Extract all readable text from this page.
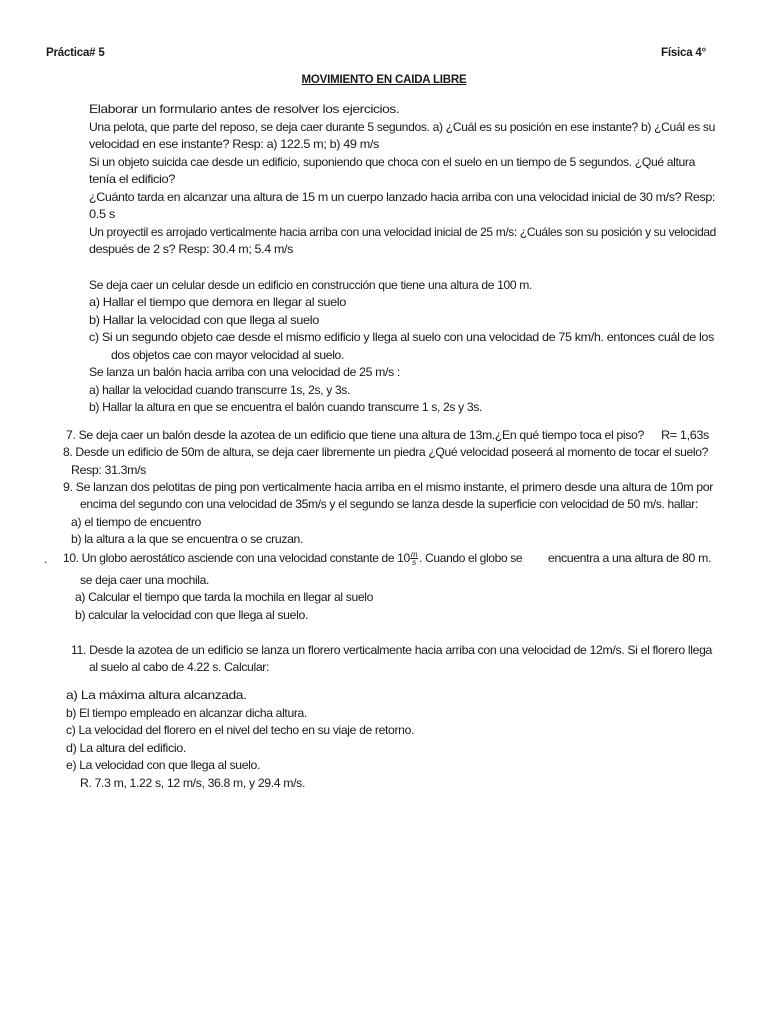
Práctica# 5	Física 4°
MOVIMIENTO EN CAIDA LIBRE
Elaborar un formulario antes de resolver los ejercicios.
Una pelota, que parte del reposo, se deja caer durante 5 segundos. a) ¿Cuál es su posición en ese instante? b) ¿Cuál es su
velocidad en ese instante? Resp: a) 122.5 m; b) 49 m/s
Si un objeto suicida cae desde un edificio, suponiendo que choca con el suelo en un tiempo de 5 segundos. ¿Qué altura
tenía el edificio?
¿Cuánto tarda en alcanzar una altura de 15 m un cuerpo lanzado hacia arriba con una velocidad inicial de 30 m/s? Resp:
0.5 s
Un proyectil es arrojado verticalmente hacia arriba con una velocidad inicial de 25 m/s: ¿Cuáles son su posición y su velocidad
después de 2 s? Resp: 30.4 m; 5.4 m/s
Se deja caer un celular desde un edificio en construcción que tiene una altura de 100 m.
a) Hallar el tiempo que demora en llegar al suelo
b) Hallar la velocidad con que llega al suelo
c) Si un segundo objeto cae desde el mismo edificio y llega al suelo con una velocidad de 75 km/h. entonces cuál de los
dos objetos cae con mayor velocidad al suelo.
Se lanza un balón hacia arriba con una velocidad de 25 m/s :
a) hallar la velocidad cuando transcurre 1s, 2s, y 3s.
b) Hallar la altura en que se encuentra el balón cuando transcurre 1 s, 2s y 3s.
7. Se deja caer un balón desde la azotea de un edificio que tiene una altura de 13m.¿En qué tiempo toca el piso? R= 1,63s
8. Desde un edificio de 50m de altura, se deja caer libremente un piedra ¿Qué velocidad poseerá al momento de tocar el suelo?
Resp: 31.3m/s
9. Se lanzan dos pelotitas de ping pon verticalmente hacia arriba en el mismo instante, el primero desde una altura de 10m por
encima del segundo con una velocidad de 35m/s y el segundo se lanza desde la superficie con velocidad de 50 m/s. hallar:
a) el tiempo de encuentro
b) la altura a la que se encuentra o se cruzan.
. 10. Un globo aerostático asciende con una velocidad constante de $10 \frac{m}{s}$ . Cuando el globo se encuentra a una altura de 80 m.
se deja caer una mochila.
a) Calcular el tiempo que tarda la mochila en llegar al suelo
b) calcular la velocidad con que llega al suelo.
11. Desde la azotea de un edificio se lanza un florero verticalmente hacia arriba con una velocidad de 12m/s. Si el florero llega
al suelo al cabo de 4.22 s. Calcular:
a) La máxima altura alcanzada.
b) El tiempo empleado en alcanzar dicha altura.
c) La velocidad del florero en el nivel del techo en su viaje de retorno.
d) La altura del edificio.
e) La velocidad con que llega al suelo.
R. 7.3 m, 1.22 s, 12 m/s, 36.8 m, y 29.4 m/s.
